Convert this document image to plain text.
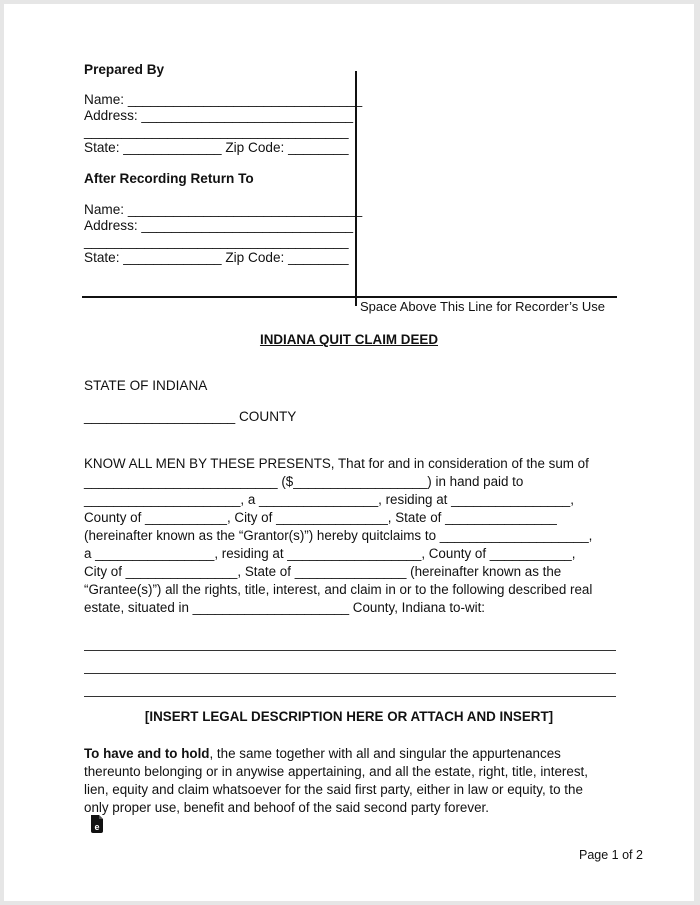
Prepared By
Name: _______________________________
Address: ____________________________
___________________________________
State: _____________ Zip Code: ________
After Recording Return To
Name: _______________________________
Address: ____________________________
___________________________________
State: _____________ Zip Code: ________
Space Above This Line for Recorder’s Use
INDIANA QUIT CLAIM DEED
STATE OF INDIANA
____________________ COUNTY
KNOW ALL MEN BY THESE PRESENTS, That for and in consideration of the sum of
__________________________ ($__________________) in hand paid to
_____________________, a ________________, residing at ________________,
County of ___________, City of _______________, State of _______________
(hereinafter known as the “Grantor(s)”) hereby quitclaims to ____________________,
a ________________, residing at __________________, County of ___________,
City of _______________, State of _______________ (hereinafter known as the
“Grantee(s)”) all the rights, title, interest, and claim in or to the following described real
estate, situated in _____________________ County, Indiana to-wit:
[INSERT LEGAL DESCRIPTION HERE OR ATTACH AND INSERT]
To have and to hold, the same together with all and singular the appurtenances
thereunto belonging or in anywise appertaining, and all the estate, right, title, interest,
lien, equity and claim whatsoever for the said first party, either in law or equity, to the
only proper use, benefit and behoof of the said second party forever.
e
Page 1 of 2
